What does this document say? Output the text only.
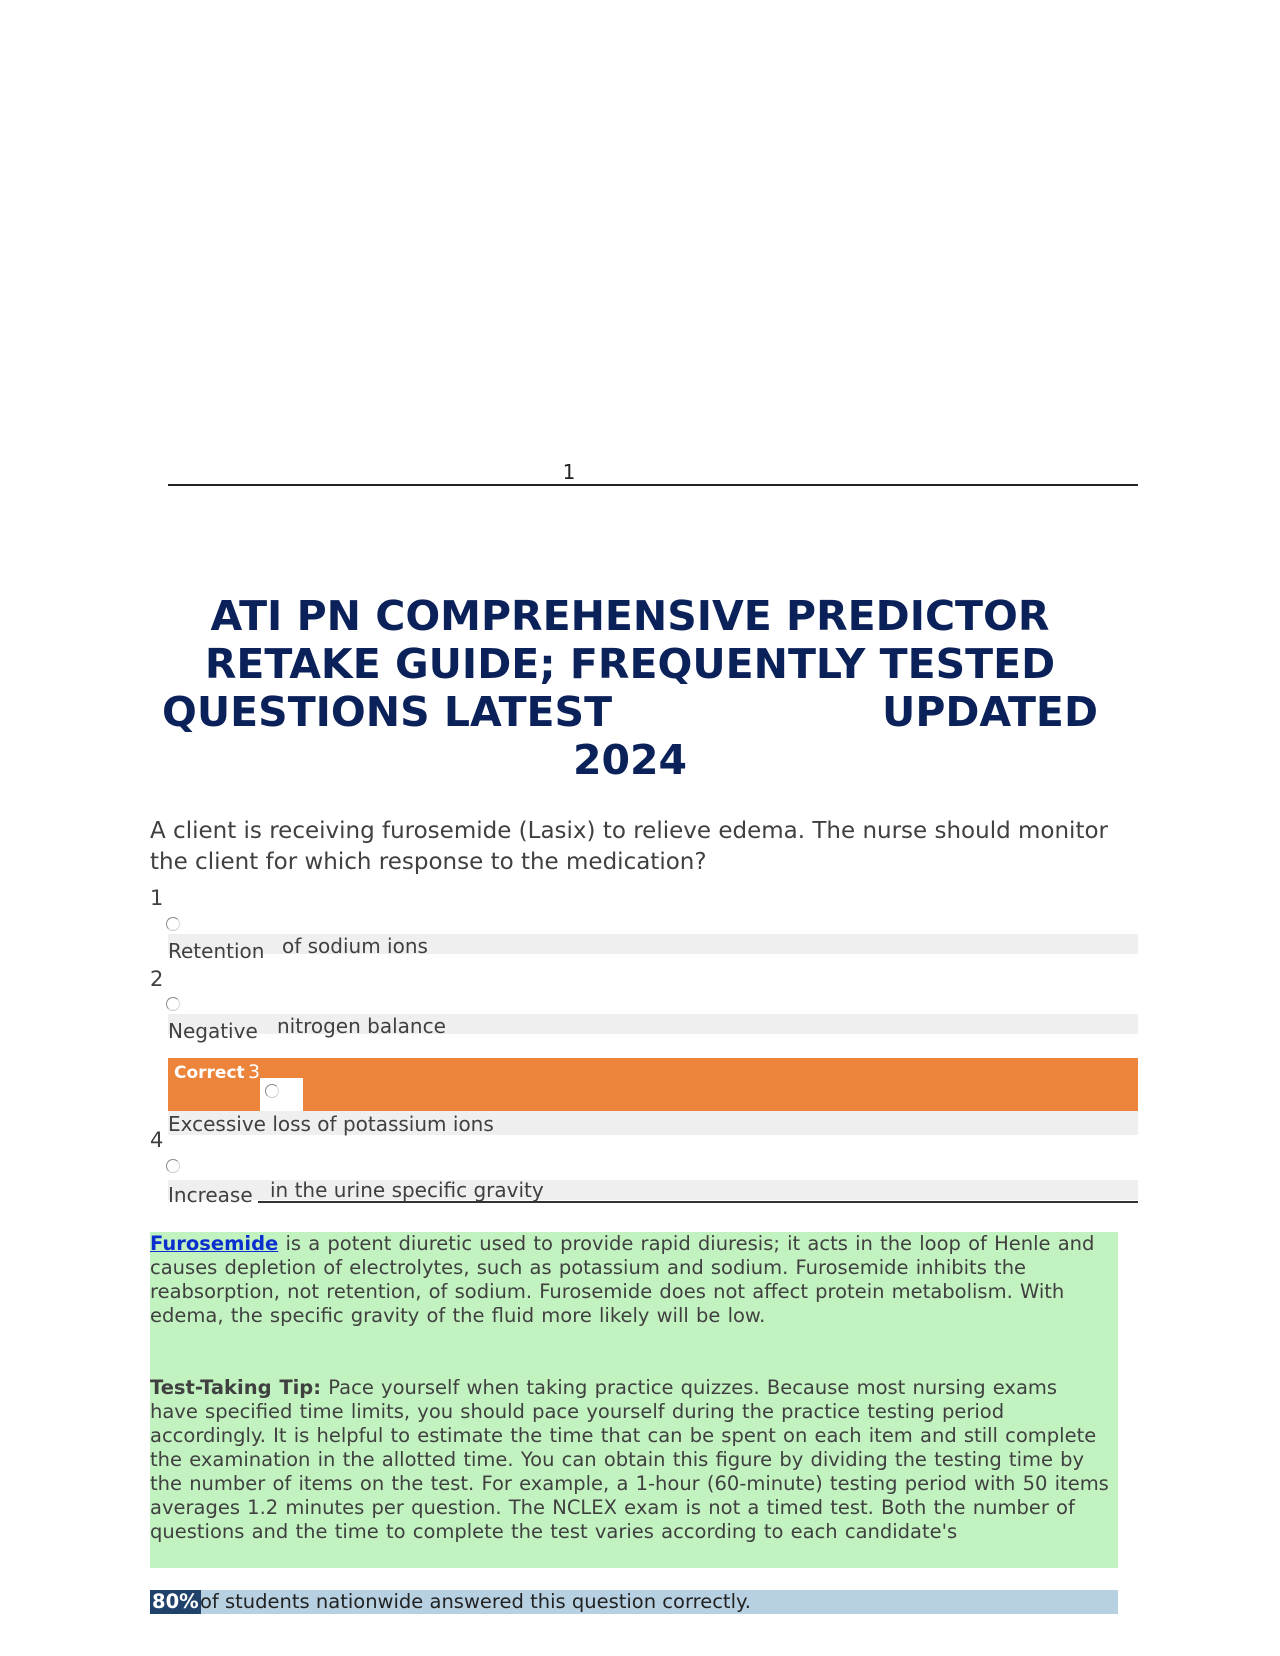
1
ATI PN COMPREHENSIVE PREDICTOR
RETAKE GUIDE; FREQUENTLY TESTED
QUESTIONS LATEST	UPDATED
2024
A client is receiving furosemide (Lasix) to relieve edema. The nurse should monitor the client for which response to the medication?
1
Retention of sodium ions
2
Negative nitrogen balance
Correct 3
Excessive loss of potassium ions
4
Increase in the urine specific gravity

Furosemide is a potent diuretic used to provide rapid diuresis; it acts in the loop of Henle and causes depletion of electrolytes, such as potassium and sodium. Furosemide inhibits the reabsorption, not retention, of sodium. Furosemide does not affect protein metabolism. With edema, the specific gravity of the fluid more likely will be low.

Test-Taking Tip: Pace yourself when taking practice quizzes. Because most nursing exams have specified time limits, you should pace yourself during the practice testing period accordingly. It is helpful to estimate the time that can be spent on each item and still complete the examination in the allotted time. You can obtain this figure by dividing the testing time by the number of items on the test. For example, a 1-hour (60-minute) testing period with 50 items averages 1.2 minutes per question. The NCLEX exam is not a timed test. Both the number of questions and the time to complete the test varies according to each candidate's

80% of students nationwide answered this question correctly.
